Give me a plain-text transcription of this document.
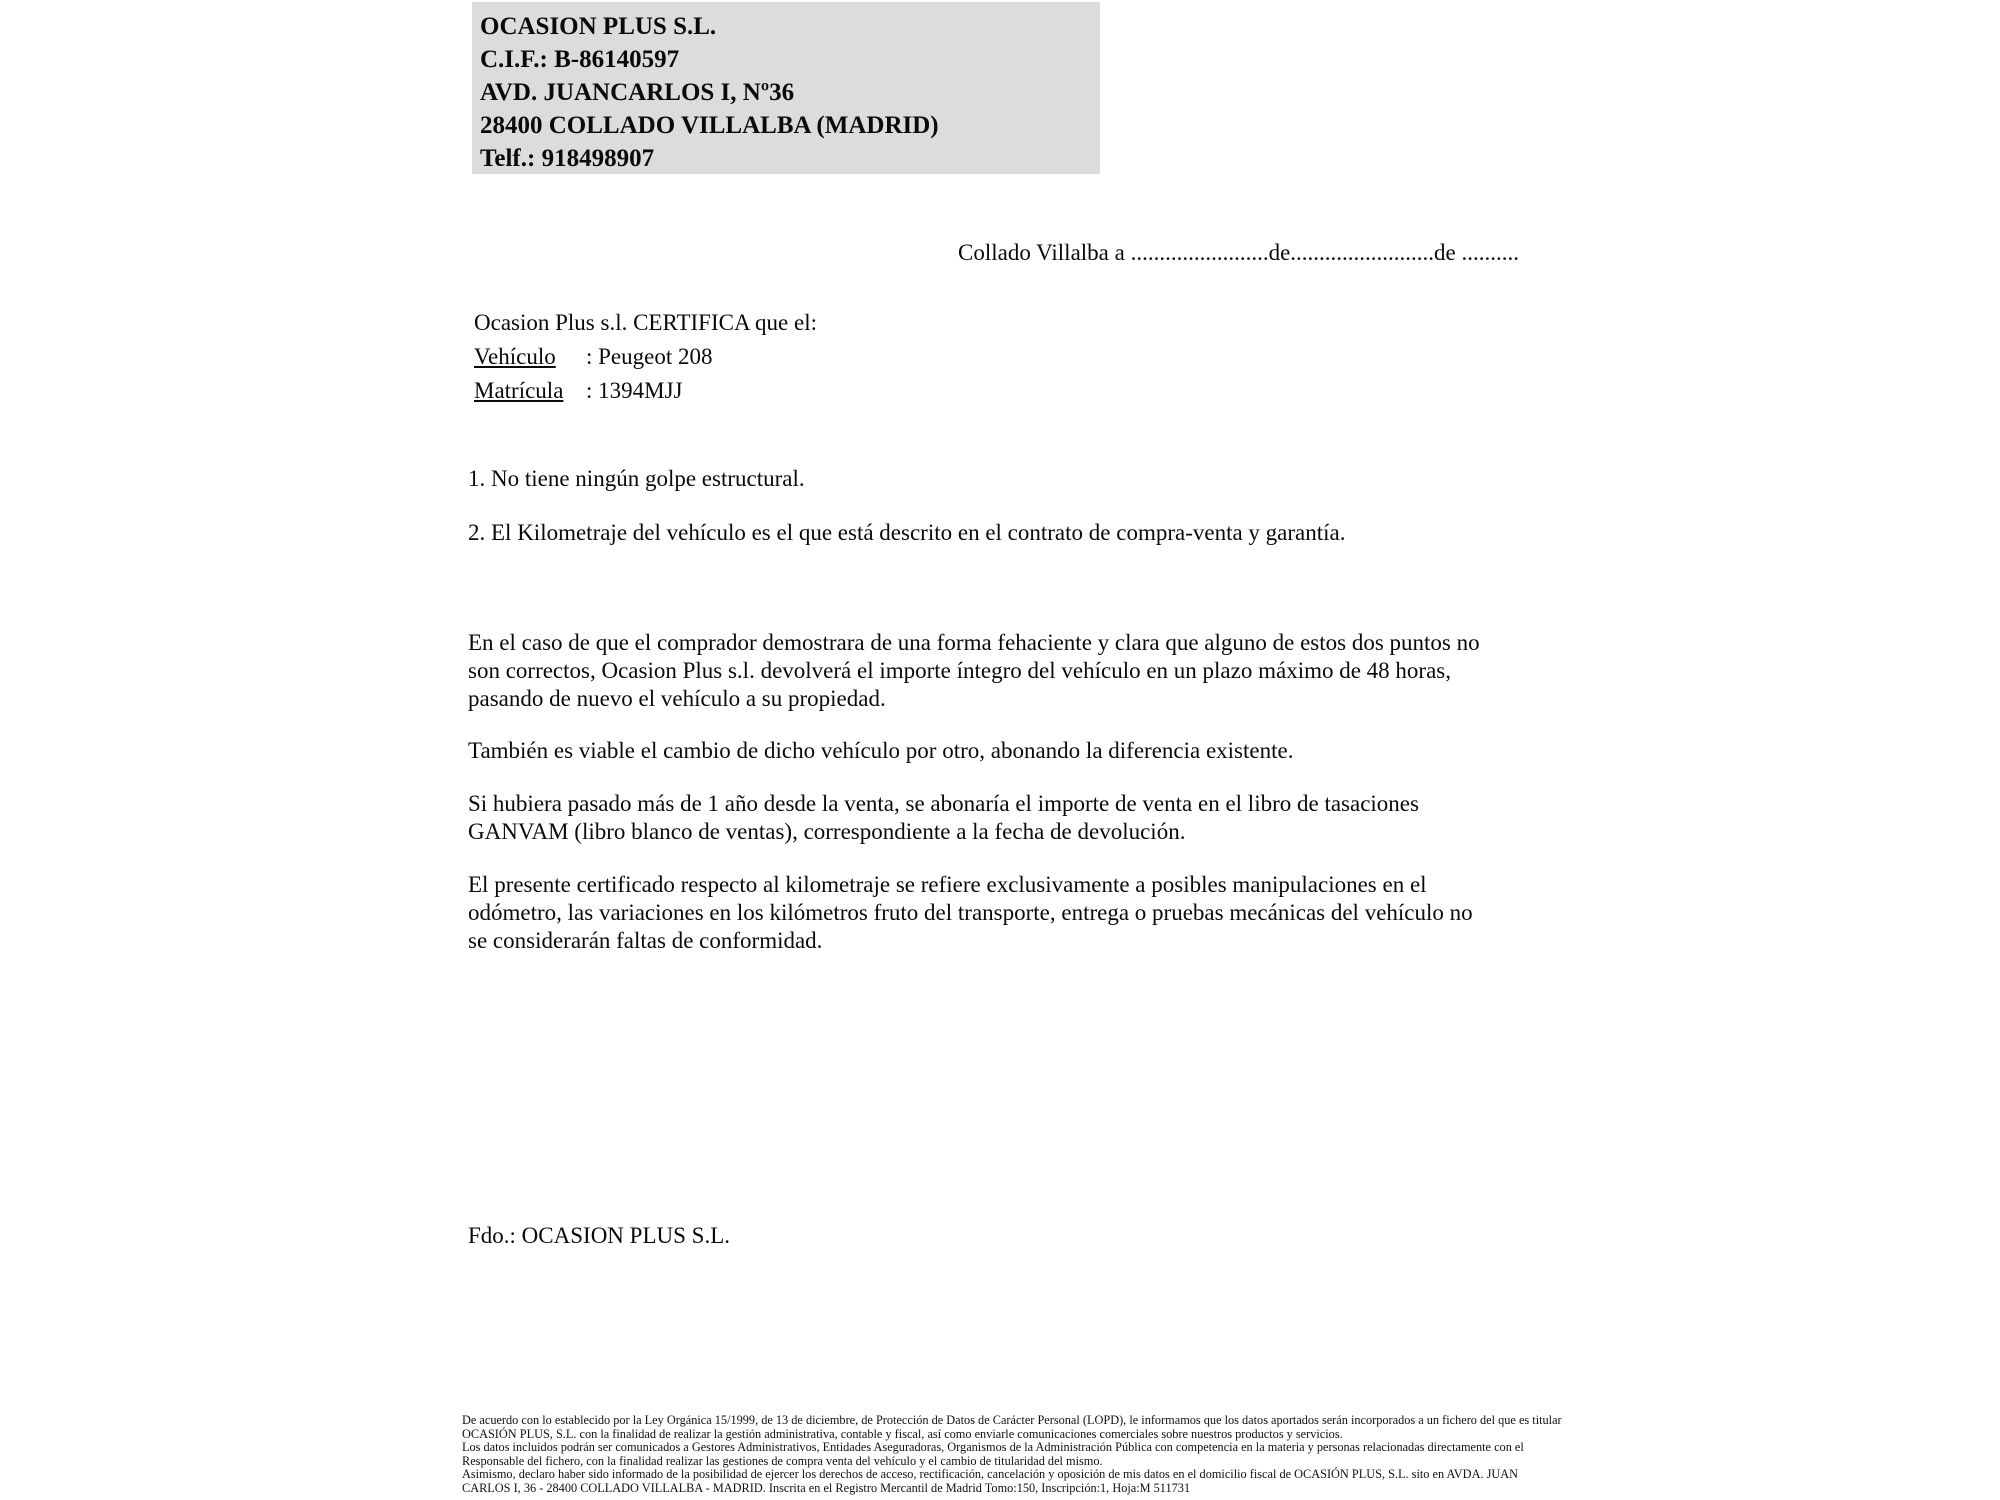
OCASION PLUS S.L.
C.I.F.: B-86140597
AVD. JUANCARLOS I, Nº36
28400 COLLADO VILLALBA (MADRID)
Telf.: 918498907
Collado Villalba a ........................de.........................de ..........
Ocasion Plus s.l. CERTIFICA que el:
Vehículo : Peugeot 208
Matrícula : 1394MJJ
1. No tiene ningún golpe estructural.
2. El Kilometraje del vehículo es el que está descrito en el contrato de compra-venta y garantía.
En el caso de que el comprador demostrara de una forma fehaciente y clara que alguno de estos dos puntos no
son correctos, Ocasion Plus s.l. devolverá el importe íntegro del vehículo en un plazo máximo de 48 horas,
pasando de nuevo el vehículo a su propiedad.
También es viable el cambio de dicho vehículo por otro, abonando la diferencia existente.
Si hubiera pasado más de 1 año desde la venta, se abonaría el importe de venta en el libro de tasaciones
GANVAM (libro blanco de ventas), correspondiente a la fecha de devolución.
El presente certificado respecto al kilometraje se refiere exclusivamente a posibles manipulaciones en el
odómetro, las variaciones en los kilómetros fruto del transporte, entrega o pruebas mecánicas del vehículo no
se considerarán faltas de conformidad.
Fdo.: OCASION PLUS S.L.
De acuerdo con lo establecido por la Ley Orgánica 15/1999, de 13 de diciembre, de Protección de Datos de Carácter Personal (LOPD), le informamos que los datos aportados serán incorporados a un fichero del que es titular
OCASIÓN PLUS, S.L. con la finalidad de realizar la gestión administrativa, contable y fiscal, así como enviarle comunicaciones comerciales sobre nuestros productos y servicios.
Los datos incluidos podrán ser comunicados a Gestores Administrativos, Entidades Aseguradoras, Organismos de la Administración Pública con competencia en la materia y personas relacionadas directamente con el
Responsable del fichero, con la finalidad realizar las gestiones de compra venta del vehículo y el cambio de titularidad del mismo.
Asimismo, declaro haber sido informado de la posibilidad de ejercer los derechos de acceso, rectificación, cancelación y oposición de mis datos en el domicilio fiscal de OCASIÓN PLUS, S.L. sito en AVDA. JUAN
CARLOS I, 36 - 28400 COLLADO VILLALBA - MADRID. Inscrita en el Registro Mercantil de Madrid Tomo:150, Inscripción:1, Hoja:M 511731
